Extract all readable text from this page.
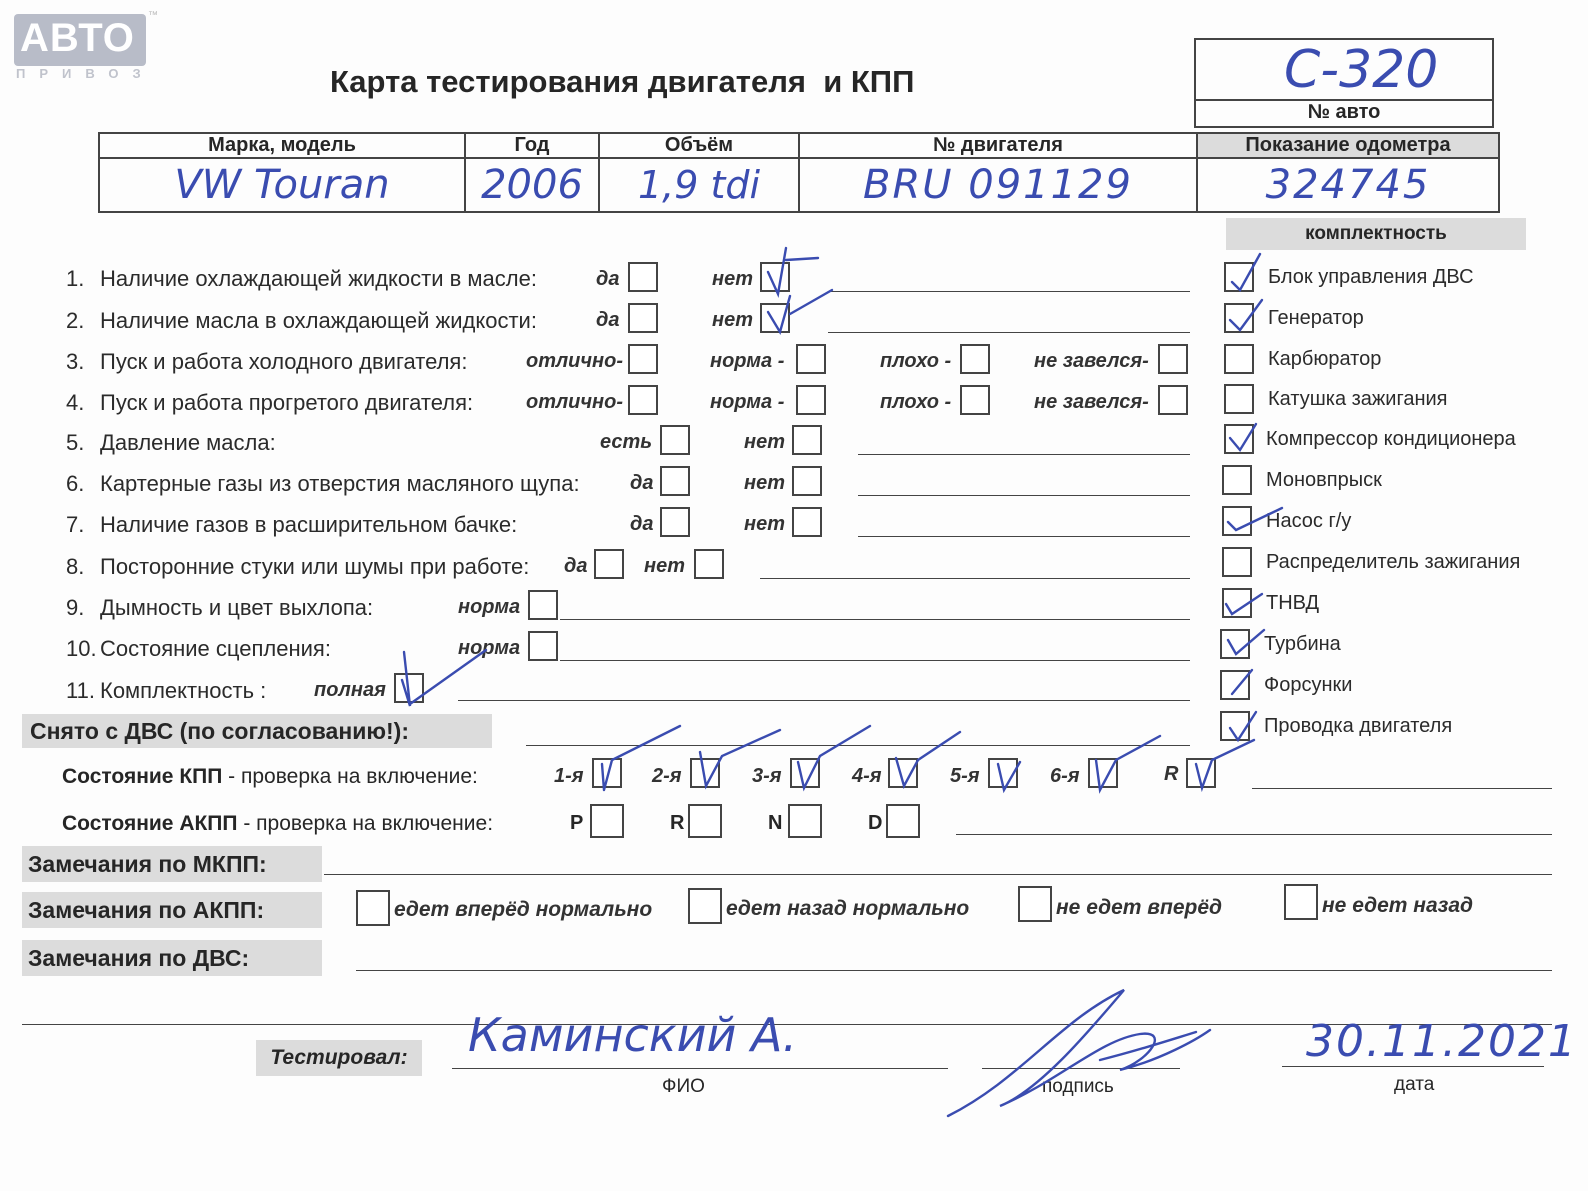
АВТО
ПРИВОЗ
™
Карта тестирования двигателя  и КПП	С-320
№ авто
Марка, модель	Год	Объём	№ двигателя	Показание одометра
VW Touran	2006	1,9 tdi	BRU 091129	324745
комплектность
1. Наличие охлаждающей жидкости в масле:	да	нет
2. Наличие масла в охлаждающей жидкости:	да	нет
3. Пуск и работа холодного двигателя:	отлично-	норма -	плохо -	не завелся-
4. Пуск и работа прогретого двигателя:	отлично-	норма -	плохо -	не завелся-
5. Давление масла:	есть	нет
6. Картерные газы из отверстия масляного щупа:	да	нет
7. Наличие газов в расширительном бачке:	да	нет
8. Посторонние стуки или шумы при работе: да	нет
9. Дымность и цвет выхлопа:	норма
10. Состояние сцепления:	норма
11. Комплектность : полная
Блок управления ДВС
Генератор
Карбюратор
Катушка зажигания
Компрессор кондиционера
Моновпрыск
Насос г/у
Распределитель зажигания
ТНВД
Турбина
Форсунки
Проводка двигателя
Снято с ДВС (по согласованию!):
Состояние КПП - проверка на включение:	1-я	2-я	3-я	4-я	5-я	6-я	R
Состояние АКПП - проверка на включение:	P	R	N	D
Замечания по МКПП:
Замечания по АКПП:	едет вперёд нормально	едет назад нормально	не едет вперёд	не едет назад
Замечания по ДВС:
Тестировал:	Каминский А.
ФИО	подпись
30.11.2021
дата
